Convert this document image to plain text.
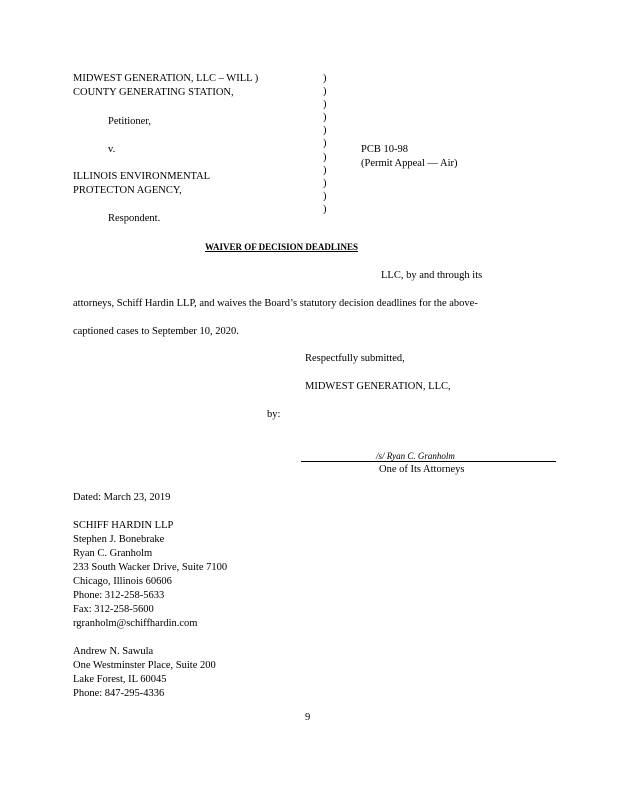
MIDWEST GENERATION, LLC – WILL )
COUNTY GENERATING STATION,
)
)
)
)
)
)
)
)
)
)
)
Petitioner,
v.	PCB 10-98
(Permit Appeal — Air)
ILLINOIS ENVIRONMENTAL
PROTECTON AGENCY,
Respondent.
WAIVER OF DECISION DEADLINES
LLC, by and through its
attorneys, Schiff Hardin LLP, and waives the Board’s statutory decision deadlines for the above-
captioned cases to September 10, 2020.
Respectfully submitted,
MIDWEST GENERATION, LLC,
by:
/s/ Ryan C. Granholm
One of Its Attorneys
Dated: March 23, 2019
SCHIFF HARDIN LLP
Stephen J. Bonebrake
Ryan C. Granholm
233 South Wacker Drive, Suite 7100
Chicago, Illinois 60606
Phone: 312-258-5633
Fax: 312-258-5600
rgranholm@schiffhardin.com
Andrew N. Sawula
One Westminster Place, Suite 200
Lake Forest, IL 60045
Phone: 847-295-4336
9
